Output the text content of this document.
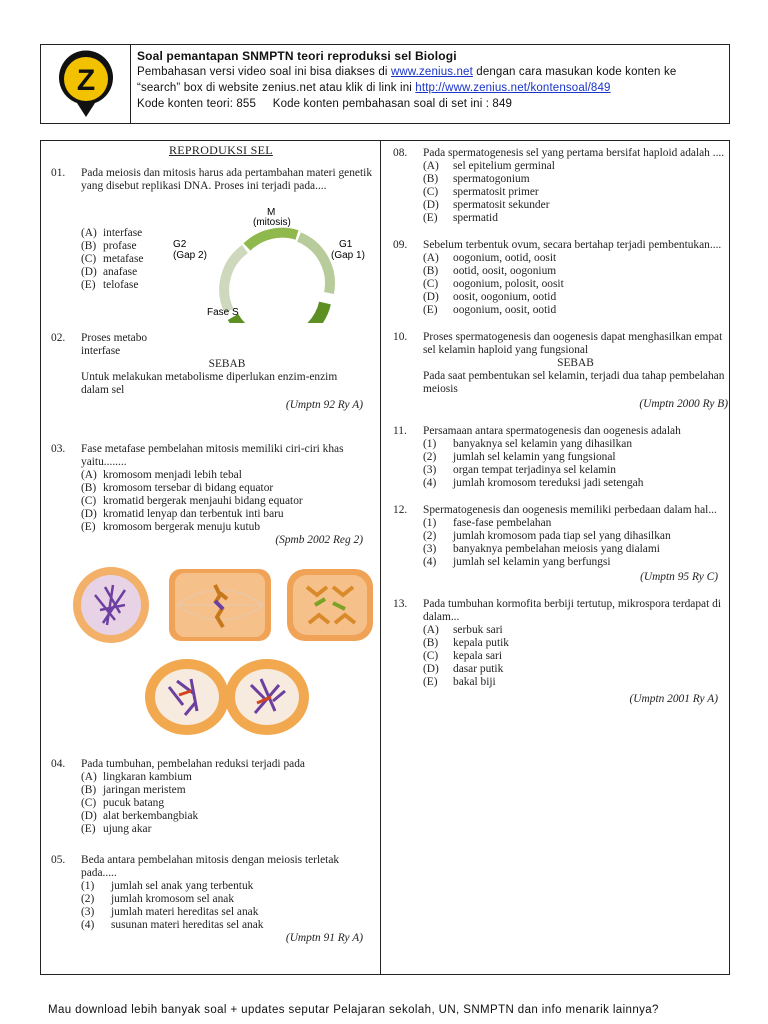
Z
Soal pemantapan SNMPTN teori reproduksi sel Biologi
Pembahasan versi video soal ini bisa diakses di www.zenius.net dengan cara masukan kode konten ke
“search” box di website zenius.net atau klik di link ini http://www.zenius.net/kontensoal/849
Kode konten teori: 855     Kode konten pembahasan soal di set ini : 849
REPRODUKSI SEL
01. Pada meiosis dan mitosis harus ada pertambahan materi genetik yang disebut replikasi DNA. Proses ini terjadi pada....
(A) interfase
(B) profase
(C) metafase
(D) anafase
(E) telofase
M
(mitosis)
G2
(Gap 2)
G1
(Gap 1)
Fase S
02. Proses metabo
interfase
SEBAB
Untuk melakukan metabolisme diperlukan enzim-enzim
dalam sel
(Umptn 92 Ry A)
03. Fase metafase pembelahan mitosis memiliki ciri-ciri khas yaitu........
(A) kromosom menjadi lebih tebal
(B) kromosom tersebar di bidang equator
(C) kromatid bergerak menjauhi bidang equator
(D) kromatid lenyap dan terbentuk inti baru
(E) kromosom bergerak menuju kutub
(Spmb 2002 Reg 2)
04. Pada tumbuhan, pembelahan reduksi terjadi pada
(A) lingkaran kambium
(B) jaringan meristem
(C) pucuk batang
(D) alat berkembangbiak
(E) ujung akar
05. Beda antara pembelahan mitosis dengan meiosis terletak pada.....
(1)	jumlah sel anak yang terbentuk
(2)	jumlah kromosom sel anak
(3)	jumlah materi hereditas sel anak
(4)	susunan materi hereditas sel anak
(Umptn 91 Ry A)
08. Pada spermatogenesis sel yang pertama bersifat haploid adalah ....
(A)	sel epitelium germinal
(B)	spermatogonium
(C)	spermatosit primer
(D)	spermatosit sekunder
(E)	spermatid
09. Sebelum terbentuk ovum, secara bertahap terjadi pembentukan....
(A)	oogonium, ootid, oosit
(B)	ootid, oosit, oogonium
(C)	oogonium, polosit, oosit
(D)	oosit, oogonium, ootid
(E)	oogonium, oosit, ootid
10. Proses spermatogenesis dan oogenesis dapat menghasilkan empat sel kelamin haploid yang fungsional
SEBAB
Pada saat pembentukan sel kelamin, terjadi dua tahap pembelahan meiosis
(Umptn 2000 Ry B)
11. Persamaan antara spermatogenesis dan oogenesis adalah
(1)	banyaknya sel kelamin yang dihasilkan
(2)	jumlah sel kelamin yang fungsional
(3)	organ tempat terjadinya sel kelamin
(4)	jumlah kromosom tereduksi jadi setengah
12. Spermatogenesis dan oogenesis memiliki perbedaan dalam hal...
(1)	fase-fase pembelahan
(2)	jumlah kromosom pada tiap sel yang dihasilkan
(3)	banyaknya pembelahan meiosis yang dialami
(4)	jumlah sel kelamin yang berfungsi
(Umptn 95 Ry C)
13. Pada tumbuhan kormofita berbiji tertutup, mikrospora terdapat di dalam...
(A)	serbuk sari
(B)	kepala putik
(C)	kepala sari
(D)	dasar putik
(E)	bakal biji
(Umptn 2001 Ry A)
Mau download lebih banyak soal + updates seputar Pelajaran sekolah, UN, SNMPTN dan info menarik lainnya?
